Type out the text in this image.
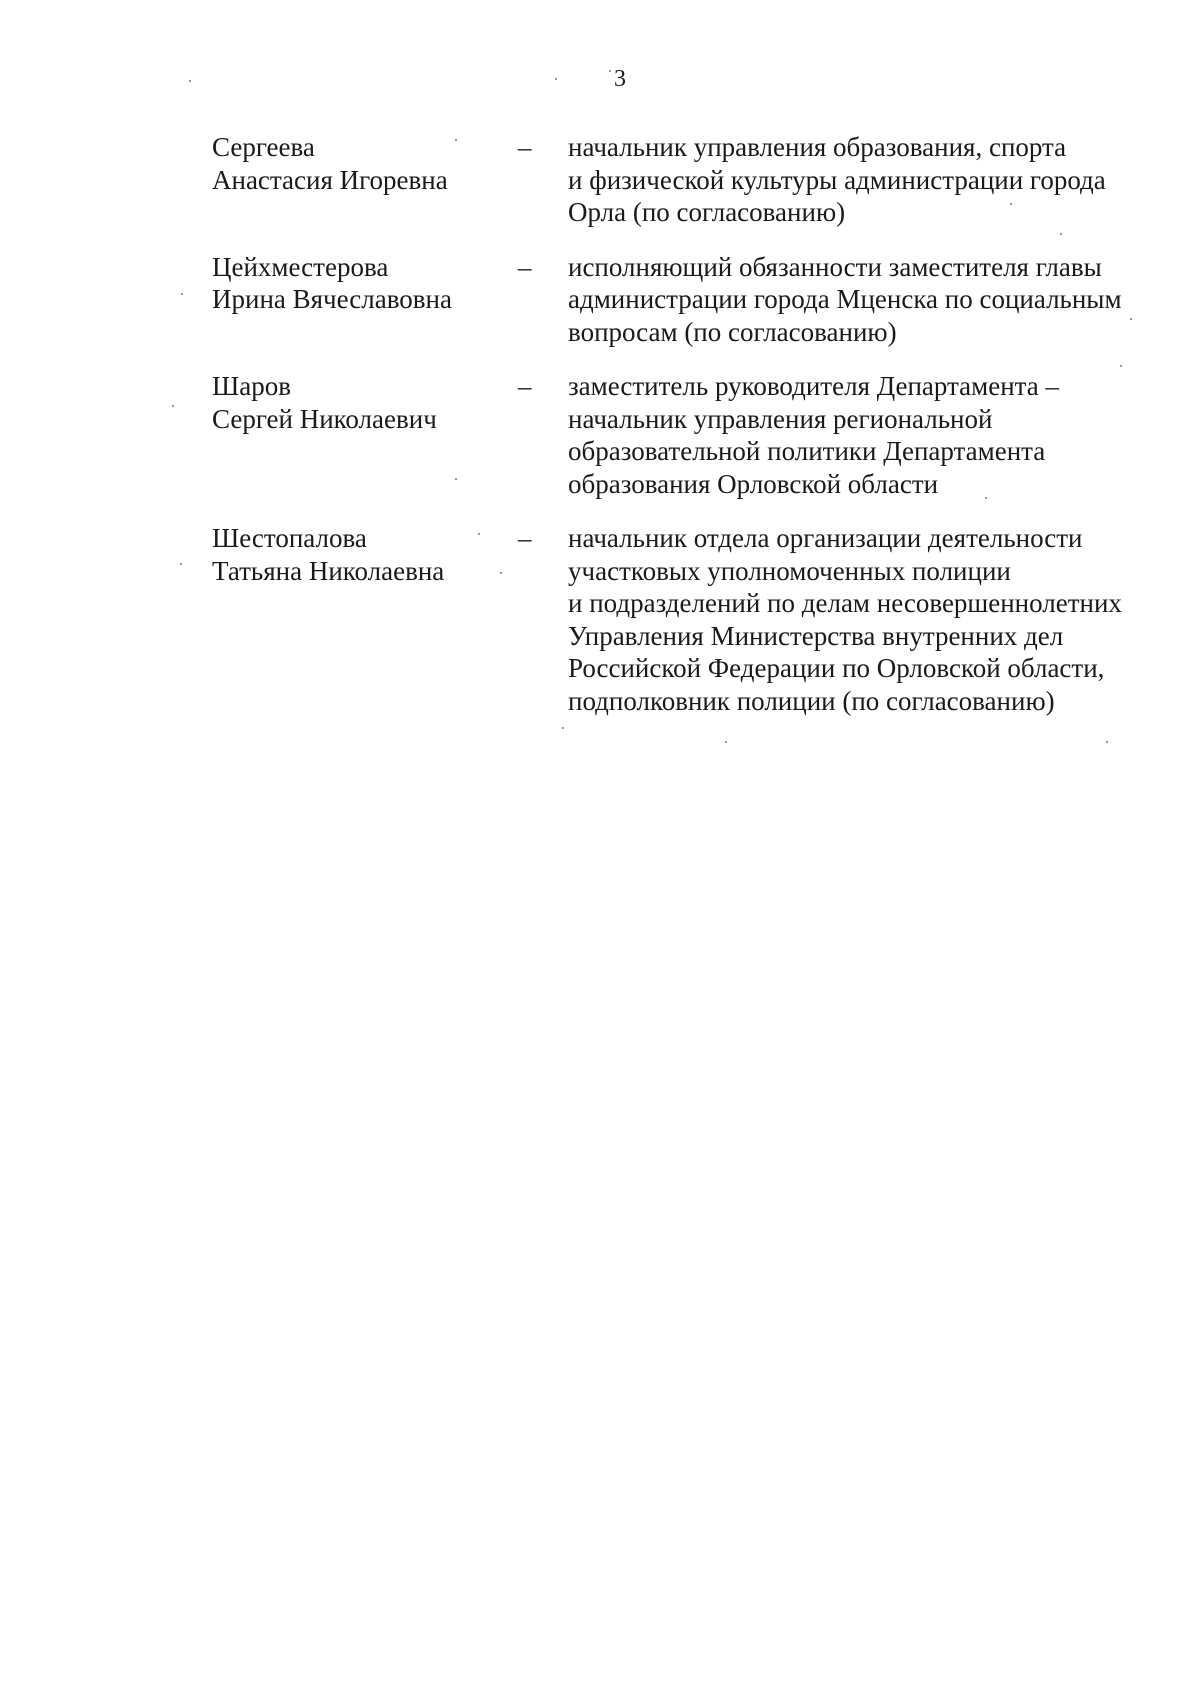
3
Сергеева
Анастасия Игоревна
–	начальник управления образования, спорта
и физической культуры администрации города
Орла (по согласованию)
Цейхместерова
Ирина Вячеславовна
–	исполняющий обязанности заместителя главы
администрации города Мценска по социальным
вопросам (по согласованию)
Шаров
Сергей Николаевич
–	заместитель руководителя Департамента –
начальник управления региональной
образовательной политики Департамента
образования Орловской области
Шестопалова
Татьяна Николаевна
–	начальник отдела организации деятельности
участковых уполномоченных полиции
и подразделений по делам несовершеннолетних
Управления Министерства внутренних дел
Российской Федерации по Орловской области,
подполковник полиции (по согласованию)
